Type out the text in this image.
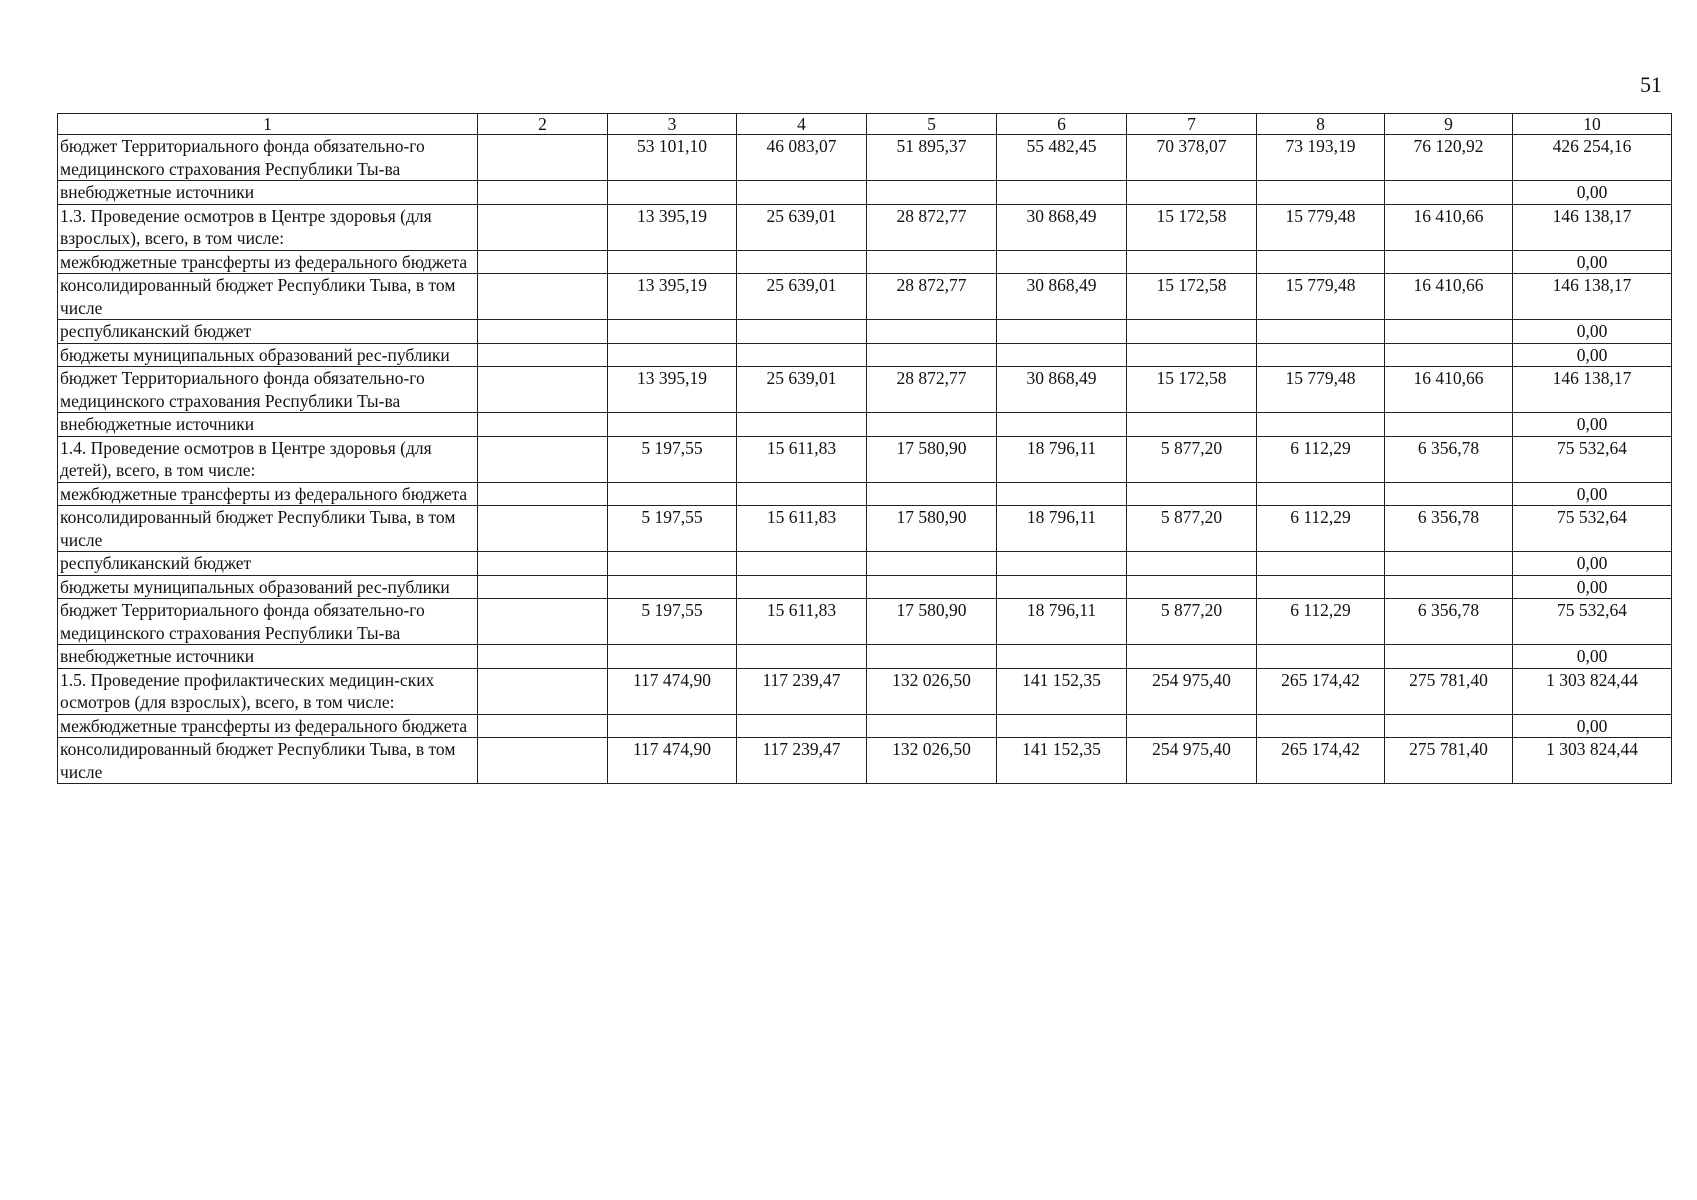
51
1	2	3	4	5	6	7	8	9	10
бюджет Территориального фонда обязательно-го медицинского страхования Республики Ты-ва		53 101,10	46 083,07	51 895,37	55 482,45	70 378,07	73 193,19	76 120,92	426 254,16
внебюджетные источники									0,00
1.3. Проведение осмотров в Центре здоровья (для взрослых), всего, в том числе:		13 395,19	25 639,01	28 872,77	30 868,49	15 172,58	15 779,48	16 410,66	146 138,17
межбюджетные трансферты из федерального бюджета									0,00
консолидированный бюджет Республики Тыва, в том числе		13 395,19	25 639,01	28 872,77	30 868,49	15 172,58	15 779,48	16 410,66	146 138,17
республиканский бюджет									0,00
бюджеты муниципальных образований рес-публики									0,00
бюджет Территориального фонда обязательно-го медицинского страхования Республики Ты-ва		13 395,19	25 639,01	28 872,77	30 868,49	15 172,58	15 779,48	16 410,66	146 138,17
внебюджетные источники									0,00
1.4. Проведение осмотров в Центре здоровья (для детей), всего, в том числе:		5 197,55	15 611,83	17 580,90	18 796,11	5 877,20	6 112,29	6 356,78	75 532,64
межбюджетные трансферты из федерального бюджета									0,00
консолидированный бюджет Республики Тыва, в том числе		5 197,55	15 611,83	17 580,90	18 796,11	5 877,20	6 112,29	6 356,78	75 532,64
республиканский бюджет									0,00
бюджеты муниципальных образований рес-публики									0,00
бюджет Территориального фонда обязательно-го медицинского страхования Республики Ты-ва		5 197,55	15 611,83	17 580,90	18 796,11	5 877,20	6 112,29	6 356,78	75 532,64
внебюджетные источники									0,00
1.5. Проведение профилактических медицин-ских осмотров (для взрослых), всего, в том числе:		117 474,90	117 239,47	132 026,50	141 152,35	254 975,40	265 174,42	275 781,40	1 303 824,44
межбюджетные трансферты из федерального бюджета									0,00
консолидированный бюджет Республики Тыва, в том числе		117 474,90	117 239,47	132 026,50	141 152,35	254 975,40	265 174,42	275 781,40	1 303 824,44
